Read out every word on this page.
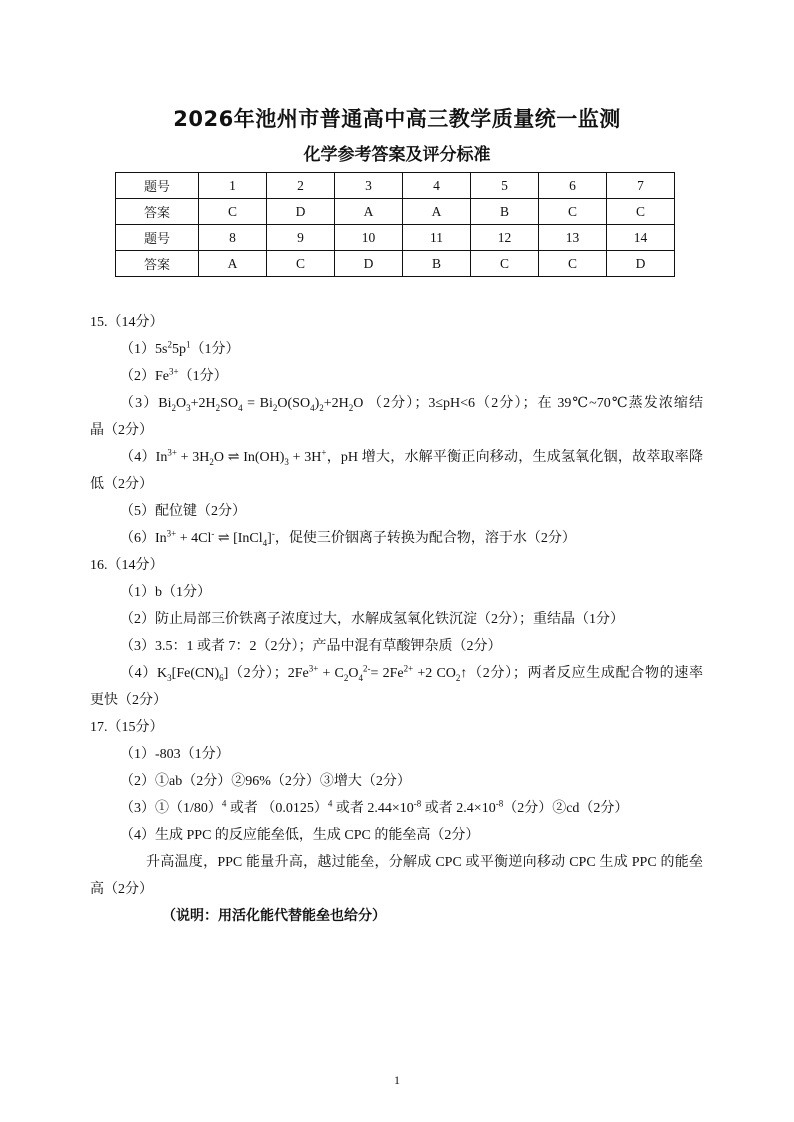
2026年池州市普通高中高三教学质量统一监测
化学参考答案及评分标准
题号	1	2	3	4	5	6	7
答案	C	D	A	A	B	C	C
题号	8	9	10	11	12	13	14
答案	A	C	D	B	C	C	D
15.（14分）
$(1)5s^25p^1(1$分）
$(2)Fe^{3+}(1$分）
$(3)Bi_2O_3+2H_2SO_4 = Bi_2O(SO_4)_2+2H_2O$ （2分）；3≤pH<6（2分）；在 39℃~70℃蒸发浓缩结
晶（2分）
$(4)In^{3+} + 3H_2O$ ⇌ $In(OH)_3 + 3H^+$，pH 增大，水解平衡正向移动，生成氢氧化铟，故萃取率降
低（2分）
（5）配位键（2分）
$(6)In^{3+} + 4Cl^-$ ⇌ [InCl$_4$]-，促使三价铟离子转换为配合物，溶于水（2分）
16.（14分）
（1）b（1分）
（2）防止局部三价铁离子浓度过大，水解成氢氧化铁沉淀（2分）；重结晶（1分）
（3）3.5：1 或者 7：2（2分）；产品中混有草酸钾杂质（2分）
$(4)K_3[Fe(CN)_6](2$分）；$2Fe^{3+} + C_2O_4^{2-}= 2Fe^{2+} +2$ $CO_2↑(2$分）；两者反应生成配合物的速率
更快（2分）
17.（15分）
（1）-803（1分）
（2）①ab（2分）②96%（2分）③增大（2分）
$(3)①(1/80)^4$ 或者 $(0.0125)^4$ 或者 $2.44\times 10^{-8}$ 或者 $2.4\times 10^{-8}(2$分）②cd（2分）
（4）生成 PPC 的反应能垒低，生成 CPC 的能垒高（2分）
升高温度，PPC 能量升高，越过能垒，分解成 CPC 或平衡逆向移动 CPC 生成 PPC 的能垒
高（2分）
（说明：用活化能代替能垒也给分）
1
